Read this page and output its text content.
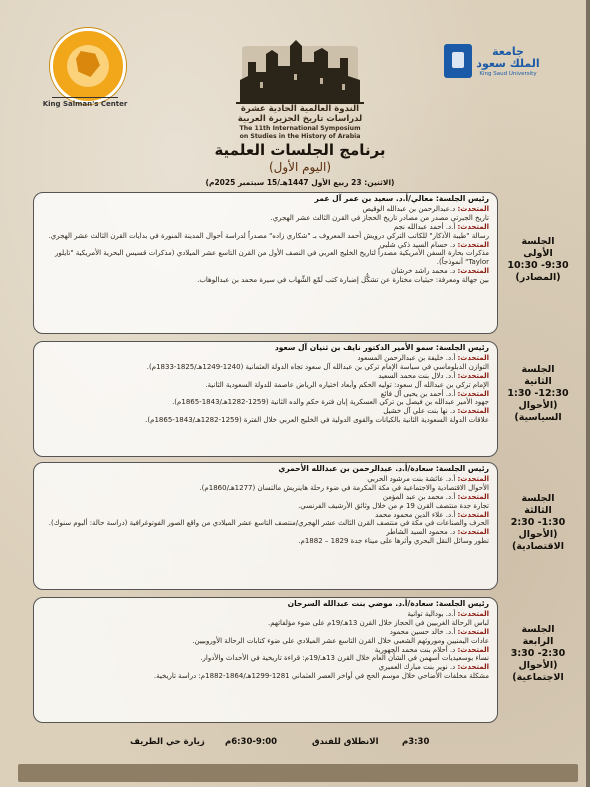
King Salman's Center
جامعة الملك سعود
King Saud University
الندوة العالمية الحادية عشرة
لدراسات تاريخ الجزيرة العربية
The 11th International Symposium
on Studies in the History of Arabia
برنامج الجلسات العلمية
(اليوم الأول)
(الاثنين: 23 ربيع الأول 1447هـ/15 سبتمبر 2025م)
رئيس الجلسة: معالي/أ.د. سعيد بن عمر آل عمر
المتحدث: د.عبدالرحمن بن عبدالله الوقيص
تاريخ الجبرتي مصدر من مصادر تاريخ الحجاز في القرن الثالث عشر الهجري.
المتحدث: أ.د. أحمد عبدالله نجم
رسالة "طيبة الأذكار" للكاتب التركي درويش أحمد المعروف بـ "شكاري زاده" مصدراً لدراسة أحوال المدينة المنورة في بدايات القرن الثالث عشر الهجري.
المتحدث: د. حسام السيد ذكي شلبي
مذكرات بحارة السفن الأمريكية مصدراً لتاريخ الخليج العربي في النصف الأول من القرن التاسع عشر الميلادي (مذكرات قسيس البحرية الأمريكية "تايلور Taylor" أنموذجاً).
المتحدث: د. محمد راشد خرشان
بين جهالة ومعرفة: حيثيات مختارة عن تشكُّل إضبارة كتب لَمْع الشِّهاب في سيرة محمد بن عبدالوهاب.
الجلسة
الأولى
9:30- 10:30
(المصادر)
رئيس الجلسة: سمو الأمير الدكتور نايف بن ثنيان آل سعود
المتحدث: أ.د. خليفة بن عبدالرحمن المسعود
التوازن الدبلوماسي في سياسة الإمام تركي بن عبدالله آل سعود تجاه الدولة العثمانية (1240-1249هـ/1825-1833م).
المتحدث: أ.د. دلال بنت محمد السعيد
الإمام تركي بن عبدالله آل سعود: توليه الحكم وأبعاد اختياره الرياض عاصمة للدولة السعودية الثانية.
المتحدث: أ.د. أحمد بن يحيى آل فائع
جهود الأمير عبدالله بن فيصل بن تركي العسكرية إبان فترة حكم والده الثانية (1259-1282هـ/1843-1865م).
المتحدث: د. نها بنت علي آل خشيل
علاقات الدولة السعودية الثانية بالكيانات والقوى الدولية في الخليج العربي خلال الفترة (1259-1282هـ/1843-1865م).
الجلسة
الثانية
12:30- 1:30
(الأحوال
السياسية)
رئيس الجلسة: سعادة/أ.د. عبدالرحمن بن عبدالله الأحمري
المتحدث: أ.د. عائشة بنت مرشود الحربي
الأحوال الاقتصادية والاجتماعية في مكة المكرمة في ضوء رحلة هاينريش مالتسان (1277هـ/1860م).
المتحدث: أ.د. محمد بن عبد المؤمن
تجارة جدة منتصف القرن 19 م من خلال وثائق الأرشيف الفرنسي.
المتحدث: أ.د. علاء الدين محمود محمد
الحرف والصناعات في مكة في منتصف القرن الثالث عشر الهجري/منتصف التاسع عشر الميلادي من واقع الصور الفوتوغرافية (دراسة حالة: ألبوم سنوك).
المتحدث: د. محمود السيد الشاطر
تطور وسائل النقل البحري وأثرها على ميناء جدة 1829 – 1882م.
الجلسة
الثالثة
1:30- 2:30
(الأحوال
الاقتصادية)
رئيس الجلسة: سعادة/أ.د. موضي بنت عبدالله السرحان
المتحدث: أ.د. بودالية توانية
لباس الرحالة الغربيين في الحجاز خلال القرن 13هـ/19م على ضوء مؤلفاتهم.
المتحدث: أ.د. خالد حسين محمود
عادات اليمنيين وموروثهم الشعبي خلال القرن التاسع عشر الميلادي على ضوء كتابات الرحالة الأوروبيين.
المتحدث: د. أحلام بنت محمد الجهورية
نساء بوسعيديات أسهمن في الشأن العام خلال القرن 13هـ/19م: قراءة تاريخية في الأحداث والأدوار.
المتحدث: د. نوير بنت مبارك العميري
مشكلة مخلفات الأضاحي خلال موسم الحج في أواخر العصر العثماني 1281-1299هـ/1864-1882م: دراسة تاريخية.
الجلسة
الرابعة
2:30- 3:30
(الأحوال
الاجتماعية)
3:30م
الانطلاق للفندق
6:30-9:00م
زيارة حي الطريف
